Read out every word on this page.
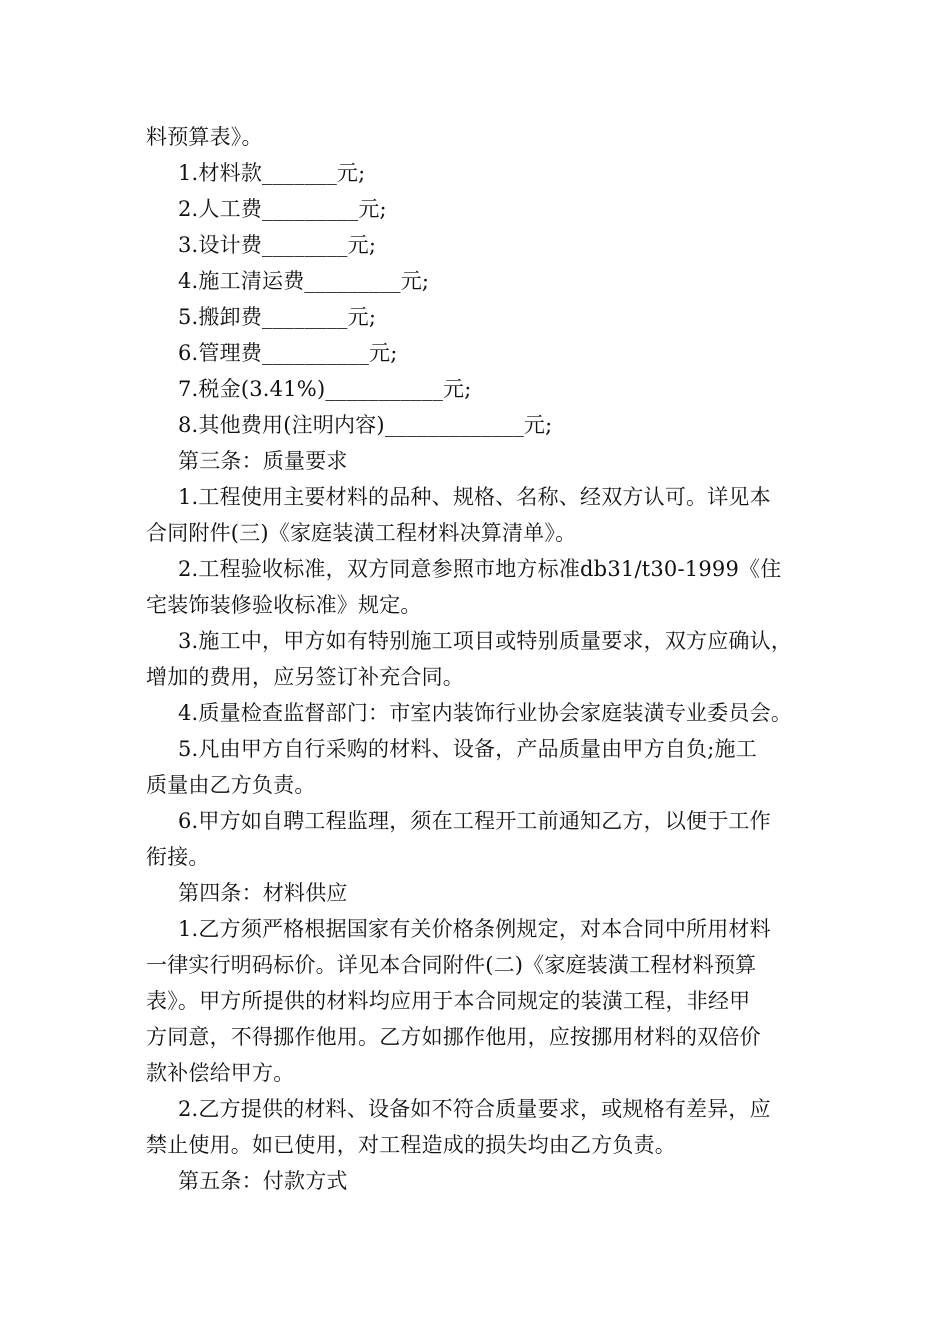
料预算表》。
1.材料款_______元;
2.人工费_________元;
3.设计费________元;
4.施工清运费_________元;
5.搬卸费________元;
6.管理费__________元;
7.税金(3.41%)___________元;
8.其他费用(注明内容)_____________元;
第三条：质量要求
1.工程使用主要材料的品种、规格、名称、经双方认可。详见本
合同附件(三)《家庭装潢工程材料决算清单》。
2.工程验收标准，双方同意参照市地方标准db31/t30-1999《住
宅装饰装修验收标准》规定。
3.施工中，甲方如有特别施工项目或特别质量要求，双方应确认，
增加的费用，应另签订补充合同。
4.质量检查监督部门：市室内装饰行业协会家庭装潢专业委员会。
5.凡由甲方自行采购的材料、设备，产品质量由甲方自负;施工
质量由乙方负责。
6.甲方如自聘工程监理，须在工程开工前通知乙方，以便于工作
衔接。
第四条：材料供应
1.乙方须严格根据国家有关价格条例规定，对本合同中所用材料
一律实行明码标价。详见本合同附件(二)《家庭装潢工程材料预算
表》。甲方所提供的材料均应用于本合同规定的装潢工程，非经甲
方同意，不得挪作他用。乙方如挪作他用，应按挪用材料的双倍价
款补偿给甲方。
2.乙方提供的材料、设备如不符合质量要求，或规格有差异，应
禁止使用。如已使用，对工程造成的损失均由乙方负责。
第五条：付款方式
